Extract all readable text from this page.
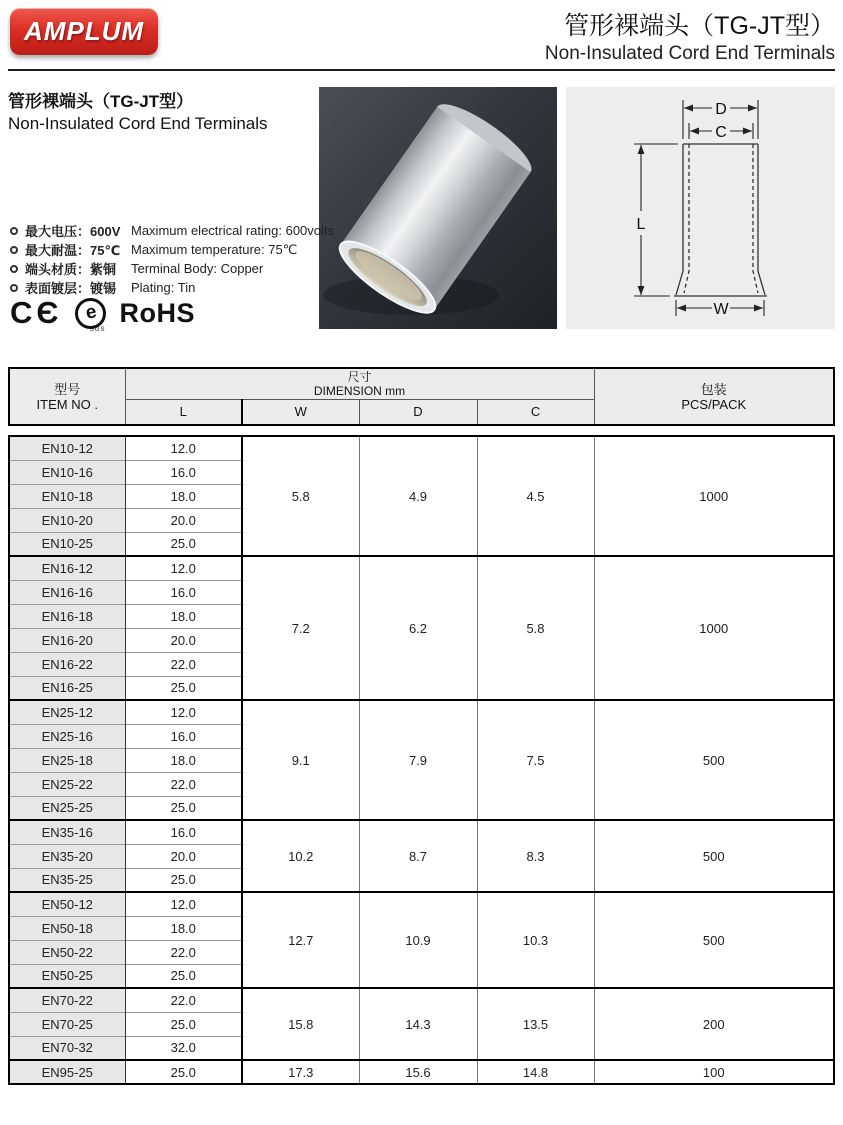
AMPLUM	管形裸端头（TG-JT型）
Non-Insulated Cord End Terminals
管形裸端头（TG-JT型）
Non-Insulated Cord End Terminals
最大电压：600V Maximum electrical rating: 600volts
最大耐温：75℃ Maximum temperature: 75℃
端头材质：紫铜	Terminal Body: Copper
表面镀层：镀锡	Plating: Tin
CЄ e
SGS
RoHS
D
C
L
W
型号
ITEM NO .

尺寸
DIMENSION mm	包装
PCS/PACK

	L	W	D	C	
EN10-12	12.0	5.8	4.9	4.5	1000
EN10-16	16.0				
EN10-18	18.0				
EN10-20	20.0				
EN10-25	25.0				
EN16-12	12.0	7.2	6.2	5.8	1000
EN16-16	16.0				
EN16-18	18.0				
EN16-20	20.0				
EN16-22	22.0				
EN16-25	25.0				
EN25-12	12.0	9.1	7.9	7.5	500
EN25-16	16.0				
EN25-18	18.0				
EN25-22	22.0				
EN25-25	25.0				
EN35-16	16.0	10.2	8.7	8.3	500
EN35-20	20.0				
EN35-25	25.0				
EN50-12	12.0	12.7	10.9	10.3	500
EN50-18	18.0				
EN50-22	22.0				
EN50-25	25.0				
EN70-22	22.0	15.8	14.3	13.5	200
EN70-25	25.0				
EN70-32	32.0				
EN95-25	25.0	17.3	15.6	14.8	100
